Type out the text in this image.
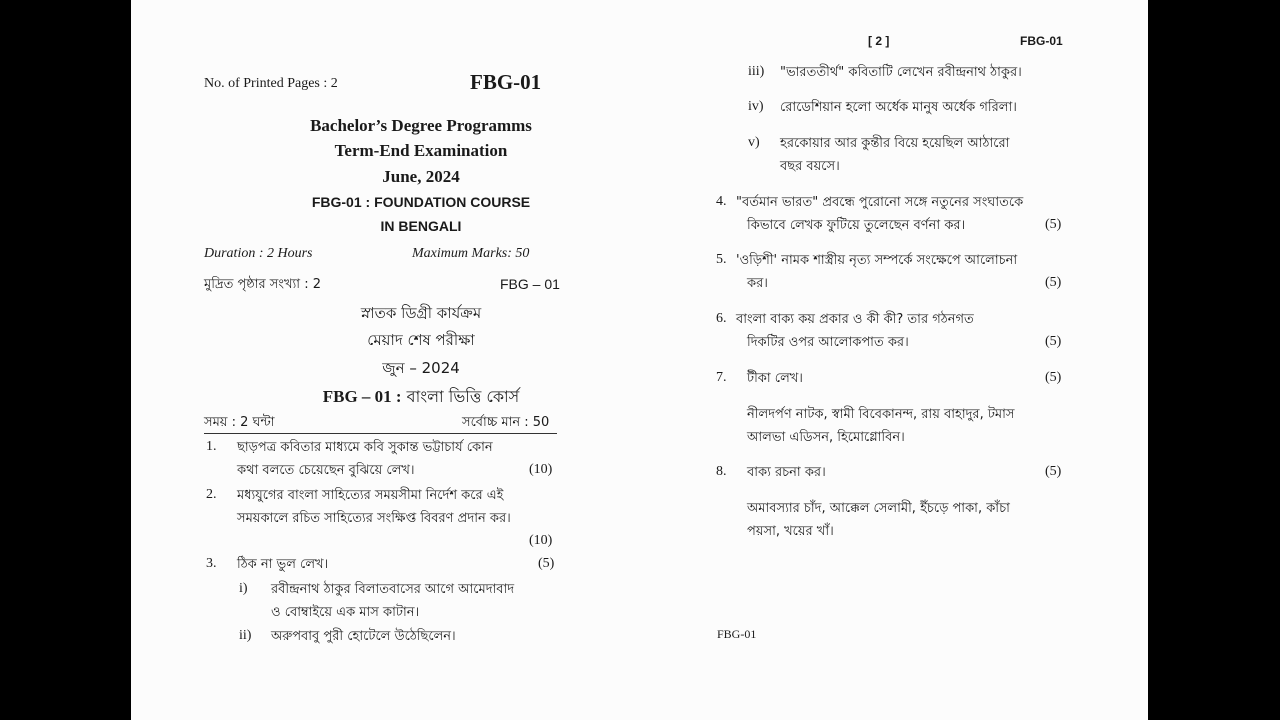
No. of Printed Pages : 2	FBG-01
Bachelor’s Degree Programms
Term-End Examination
June, 2024
FBG-01 : FOUNDATION COURSE
IN BENGALI
Duration : 2 Hours	Maximum Marks: 50
মুদ্রিত পৃষ্ঠার সংখ্যা : 2	FBG – 01
স্নাতক ডিগ্রী কার্যক্রম
মেয়াদ শেষ পরীক্ষা
জুন – 2024
FBG – 01 : বাংলা ভিত্তি কোর্স
সময় : 2 ঘন্টা	সর্বোচ্চ মান : 50
1. ছাড়পত্র কবিতার মাধ্যমে কবি সুকান্ত ভট্টাচার্য কোন
কথা বলতে চেয়েছেন বুঝিয়ে লেখ।	(10)
2. মধ্যযুগের বাংলা সাহিত্যের সময়সীমা নির্দেশ করে এই
সময়কালে রচিত সাহিত্যের সংক্ষিপ্ত বিবরণ প্রদান কর।
(10)
3. ঠিক না ভুল লেখ।	(5)
i) রবীন্দ্রনাথ ঠাকুর বিলাতবাসের আগে আমেদাবাদ
ও বোম্বাইয়ে এক মাস কাটান।
ii) অরুপবাবু পুরী হোটেলে উঠেছিলেন।
[ 2 ]	FBG-01
iii) "ভারততীর্থ" কবিতাটি লেখেন রবীন্দ্রনাথ ঠাকুর।
iv) রোডেশিয়ান হলো অর্ধেক মানুষ অর্ধেক গরিলা।
v) হরকোয়ার আর কুন্তীর বিয়ে হয়েছিল আঠারো
বছর বয়সে।
4. "বর্তমান ভারত" প্রবন্ধে পুরোনো সঙ্গে নতুনের সংঘাতকে
কিভাবে লেখক ফুটিয়ে তুলেছেন বর্ণনা কর।	(5)
5. 'ওড়িশী' নামক শাস্ত্রীয় নৃত্য সম্পর্কে সংক্ষেপে আলোচনা
কর।	(5)
6. বাংলা বাক্য কয় প্রকার ও কী কী? তার গঠনগত
দিকটির ওপর আলোকপাত কর।	(5)
7. টীকা লেখ।	(5)
নীলদর্পণ নাটক, স্বামী বিবেকানন্দ, রায় বাহাদুর, টমাস
আলভা এডিসন, হিমোগ্লোবিন।
8. বাক্য রচনা কর।	(5)
অমাবস্যার চাঁদ, আক্কেল সেলামী, ইঁচড়ে পাকা, কাঁচা
পয়সা, খয়ের খাঁ।
FBG-01
